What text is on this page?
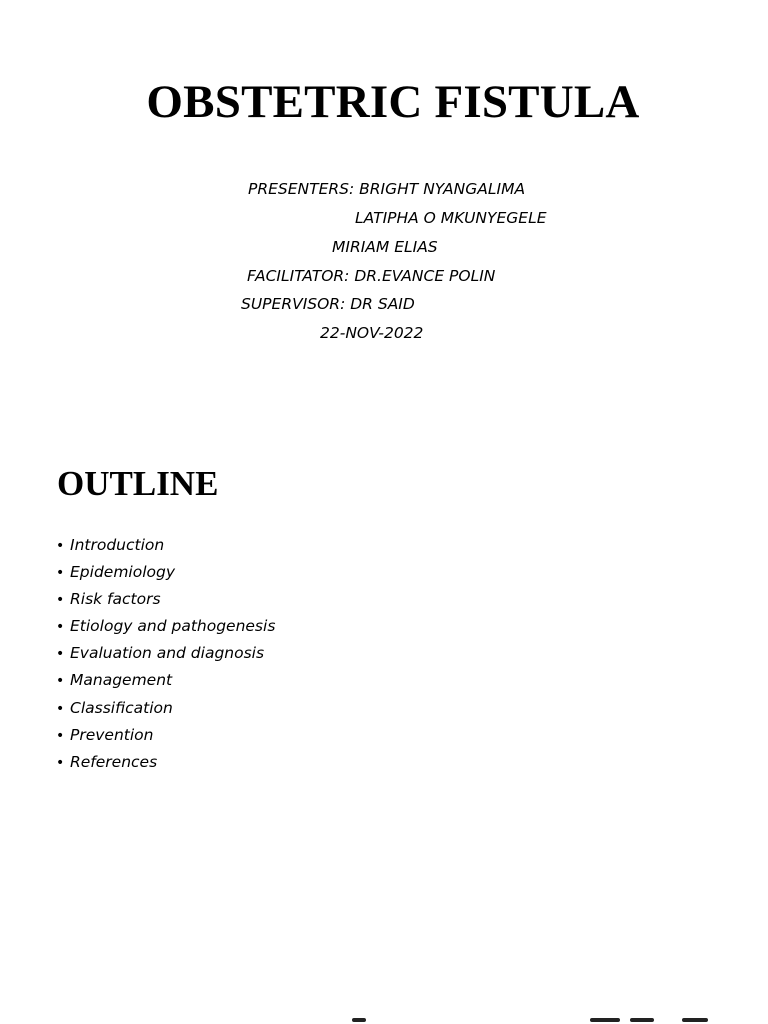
OBSTETRIC FISTULA

PRESENTERS: BRIGHT NYANGALIMA

LATIPHA O MKUNYEGELE

MIRIAM ELIAS

FACILITATOR: DR.EVANCE POLIN

SUPERVISOR: DR SAID

22-NOV-2022

OUTLINE
• Introduction
• Epidemiology
• Risk factors
• Etiology and pathogenesis
• Evaluation and diagnosis
• Management
• Classification
• Prevention
• References
